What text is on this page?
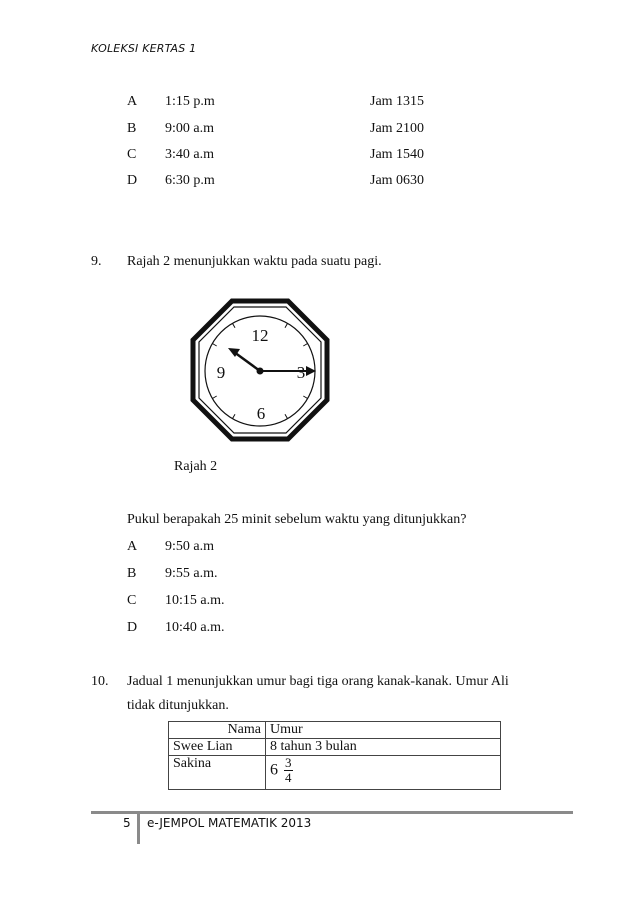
KOLEKSI KERTAS 1
A 1:15 p.m	Jam 1315
B 9:00 a.m	Jam 2100
C 3:40 a.m	Jam 1540
D 6:30 p.m	Jam 0630
9. Rajah 2 menunjukkan waktu pada suatu pagi.
12
3
6
9
Rajah 2
Pukul berapakah 25 minit sebelum waktu yang ditunjukkan?
A 9:50 a.m
B 9:55 a.m.
C 10:15 a.m.
D 10:40 a.m.
10. Jadual 1 menunjukkan umur bagi tiga orang kanak-kanak. Umur Ali
tidak ditunjukkan.
Nama	Umur
Swee Lian	8 tahun 3 bulan
Sakina	$6 \frac{3}{4}$
5 e-JEMPOL MATEMATIK 2013
